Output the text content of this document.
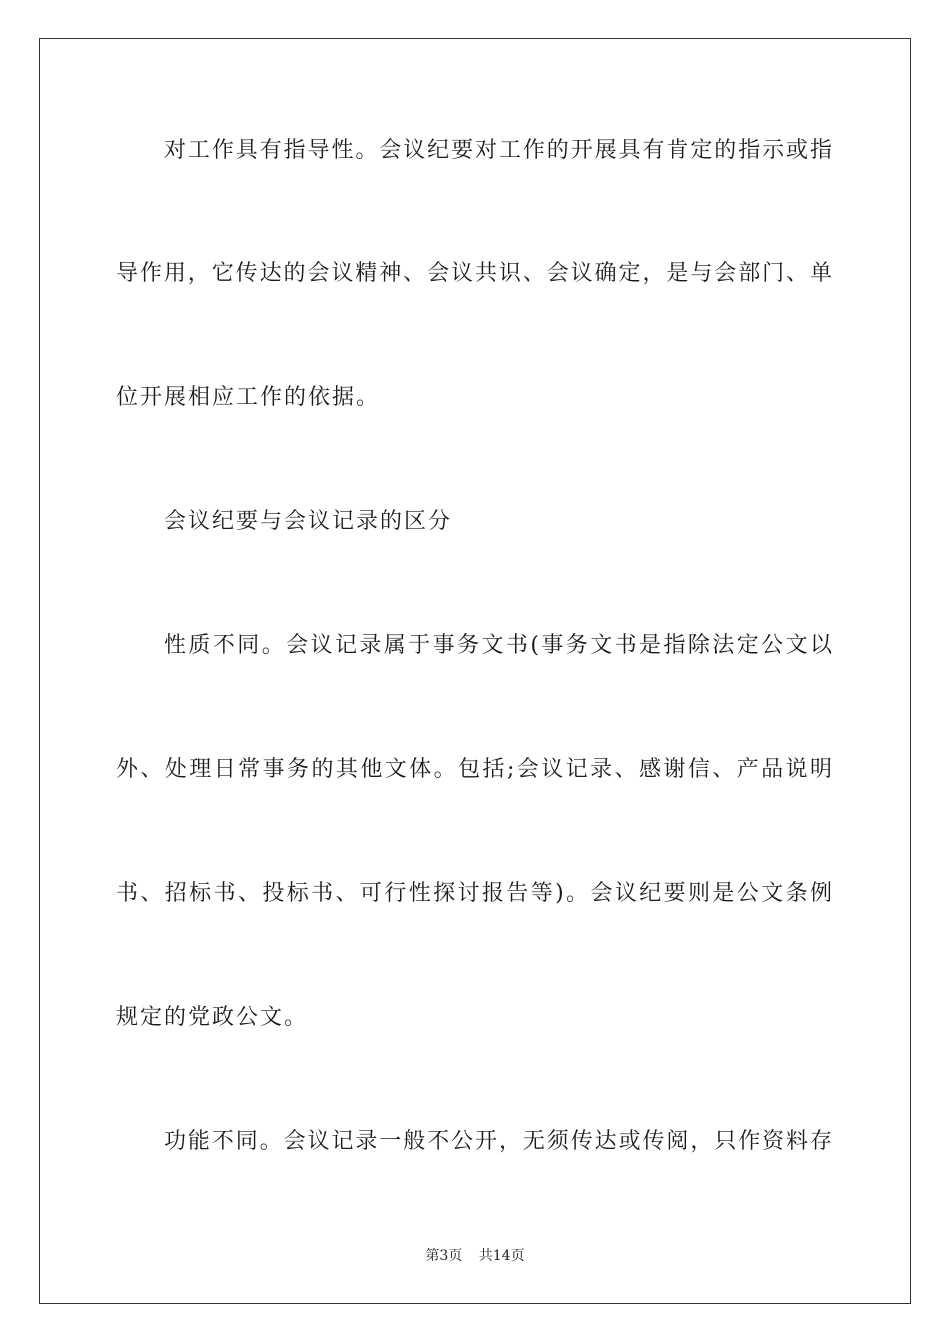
对工作具有指导性。会议纪要对工作的开展具有肯定的指示或指
导作用，它传达的会议精神、会议共识、会议确定，是与会部门、单
位开展相应工作的依据。
会议纪要与会议记录的区分
性质不同。会议记录属于事务文书(事务文书是指除法定公文以
外、处理日常事务的其他文体。包括;会议记录、感谢信、产品说明
书、招标书、投标书、可行性探讨报告等)。会议纪要则是公文条例
规定的党政公文。
功能不同。会议记录一般不公开，无须传达或传阅，只作资料存
第3页 共14页
